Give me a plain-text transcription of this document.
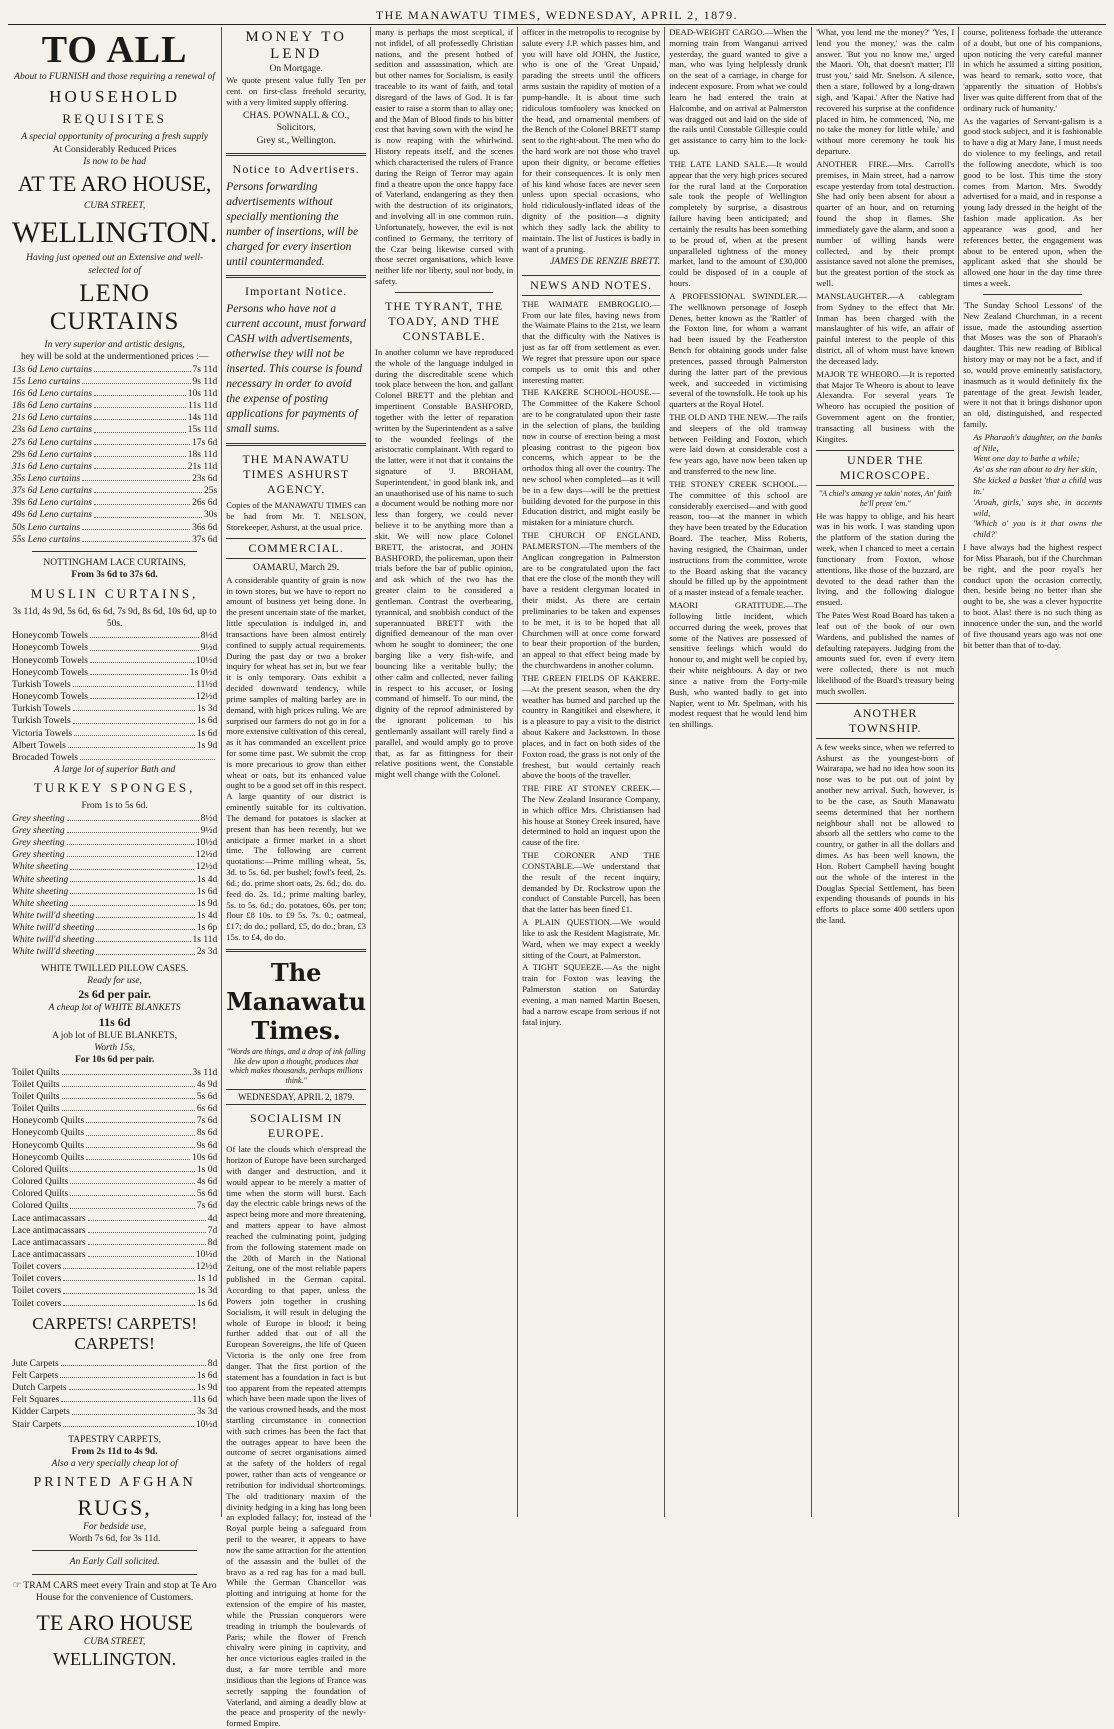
THE MANAWATU TIMES, WEDNESDAY, APRIL 2, 1879.
TO ALL
About to FURNISH and those requiring a renewal of
HOUSEHOLD
REQUISITES
A special opportunity of procuring a fresh supply
At Considerably Reduced Prices
Is now to be had
AT TE ARO HOUSE,
CUBA STREET,
WELLINGTON.
Having just opened out an Extensive and well-selected lot of
LENO CURTAINS
In very superior and artistic designs,
hey will be sold at the undermentioned prices :—
13s 6d Leno curtains	7s 11d
15s Leno curtains	9s 11d
16s 6d Leno curtains	10s 11d
18s 6d Leno curtains	11s 11d
21s 6d Leno curtains	14s 11d
23s 6d Leno curtains	15s 11d
27s 6d Leno curtains	17s 6d
29s 6d Leno curtains	18s 11d
31s 6d Leno curtains	21s 11d
35s Leno curtains	23s 6d
37s 6d Leno curtains	25s
39s 6d Leno curtains	26s 6d
49s 6d Leno curtains	30s
50s Leno curtains	36s 6d
55s Leno curtains	37s 6d
NOTTINGHAM LACE CURTAINS,
From 3s 6d to 37s 6d.
MUSLIN CURTAINS,
3s 11d, 4s 9d, 5s 6d, 6s 6d, 7s 9d, 8s 6d, 10s 6d, up to 50s.
Honeycomb Towels	8½d
Honeycomb Towels	9½d
Honeycomb Towels	10½d
Honeycomb Towels	1s 0½d
Turkish Towels	11½d
Honeycomb Towels	12½d
Turkish Towels	1s 3d
Turkish Towels	1s 6d
Victoria Towels	1s 6d
Albert Towels	1s 9d
Brocaded Towels
A large lot of superior Bath and
TURKEY SPONGES,
From 1s to 5s 6d.
Grey sheeting	8½d
Grey sheeting	9½d
Grey sheeting	10½d
Grey sheeting	12½d
White sheeting	12½d
White sheeting	1s 4d
White sheeting	1s 6d
White sheeting	1s 9d
White twill'd sheeting	1s 4d
White twill'd sheeting	1s 6p
White twill'd sheeting	1s 11d
White twill'd sheeting	2s 3d
WHITE TWILLED PILLOW CASES.
Ready for use,
2s 6d per pair.
A cheap lot of WHITE BLANKETS
11s 6d
A job lot of BLUE BLANKETS,
Worth 15s,
For 10s 6d per pair.
Toilet Quilts	3s 11d
Toilet Quilts	4s 9d
Toilet Quilts	5s 6d
Toilet Quilts	6s 6d
Honeycomb Quilts	7s 6d
Honeycomb Quilts	8s 6d
Honeycomb Quilts	9s 6d
Honeycomb Quilts	10s 6d
Colored Quilts	1s 0d
Colored Quilts	4s 6d
Colored Quilts	5s 6d
Colored Quilts	7s 6d
Lace antimacassars	4d
Lace antimacassars	7d
Lace antimacassars	8d
Lace antimacassars	10½d
Toilet covers	12½d
Toilet covers	1s 1d
Toilet covers	1s 3d
Toilet covers	1s 6d
CARPETS! CARPETS! CARPETS!
Jute Carpets	8d
Felt Carpets	1s 6d
Dutch Carpets	1s 9d
Felt Squares	11s 6d
Kidder Carpets	3s 3d
Stair Carpets	10½d
TAPESTRY CARPETS,
From 2s 11d to 4s 9d.
Also a very specially cheap lot of
PRINTED AFGHAN
RUGS,
For bedside use,
Worth 7s 6d, for 3s 11d.
An Early Call solicited.
☞ TRAM CARS meet every Train and stop at Te Aro House for the convenience of Customers.
TE ARO HOUSE
CUBA STREET,
WELLINGTON.
MONEY TO LEND
On Mortgage.

We quote present value fully Ten per cent. on first-class freehold security, with a very limited supply offering.

CHAS. POWNALL & CO.,
Solicitors,
Grey st., Wellington.
Notice to Advertisers.

Persons forwarding advertisements without specially mentioning the number of insertions, will be charged for every insertion until countermanded.

Important Notice.

Persons who have not a current account, must forward CASH with advertisements, otherwise they will not be inserted. This course is found necessary in order to avoid the expense of posting applications for payments of small sums.

THE MANAWATU TIMES ASHURST AGENCY.

Copies of the MANAWATU TIMES can be had from Mr. T. NELSON, Storekeeper, Ashurst, at the usual price.

COMMERCIAL.
OAMARU, March 29.

A considerable quantity of grain is now in town stores, but we have to report no amount of business yet being done. In the present uncertain state of the market, little speculation is indulged in, and transactions have been almost entirely confined to supply actual requirements. During the past day or two a broker inquiry for wheat has set in, but we fear it is only temporary. Oats exhibit a decided downward tendency, while prime samples of malting barley are in demand, with high prices ruling. We are surprised our farmers do not go in for a more extensive cultivation of this cereal, as it has commanded an excellent price for some time past. We submit the crop is more precarious to grow than either wheat or oats, but its enhanced value ought to be a good set off in this respect. A large quantity of our district is eminently suitable for its cultivation. The demand for potatoes is slacker at present than has been recently, but we anticipate a firmer market in a short time. The following are current quotations:—Prime milling wheat, 5s, 3d. to 5s. 6d. per bushel; fowl's feed, 2s. 6d.; do. prime short oats, 2s. 6d.; do. do. feed do. 2s. 1d.; prime malting barley, 5s. to 5s. 6d.; do. potatoes, 60s. per ton; flour £8 10s. to £9 5s. 7s. 0.; oatmeal, £17; do do.; pollard, £5, do do.; bran, £3 15s. to £4, do do.

The Manawatu Times.
"Words are things, and a drop of ink falling like dew upon a thought, produces that which makes thousands, perhaps millions think."
WEDNESDAY, APRIL 2, 1879.
SOCIALISM IN EUROPE.

Of late the clouds which o'erspread the horizon of Europe have been surcharged with danger and destruction, and it would appear to be merely a matter of time when the storm will burst. Each day the electric cable brings news of the aspect being more and more threatening, and matters appear to have almost reached the culminating point, judging from the following statement made on the 20th of March in the National Zeitung, one of the most reliable papers published in the German capital. According to that paper, unless the Powers join together in crushing Socialism, it will result in deluging the whole of Europe in blood; it being further added that out of all the European Sovereigns, the life of Queen Victoria is the only one free from danger. That the first portion of the statement has a foundation in fact is but too apparent from the repeated attempts which have been made upon the lives of the various crowned heads, and the most startling circumstance in connection with such crimes has been the fact that the outrages appear to have been the outcome of secret organisations aimed at the safety of the holders of regal power, rather than acts of vengeance or retribution for individual shortcomings. The old traditionary maxim of the divinity hedging in a king has long been an exploded fallacy; for, instead of the Royal purple being a safeguard from peril to the wearer, it appears to have now the same attraction for the attention of the assassin and the bullet of the bravo as a red rag has for a mad bull. While the German Chancellor was plotting and intriguing at home for the extension of the empire of his master, while the Prussian conquerors were treading in triumph the boulevards of Paris; while the flower of French chivalry were pining in captivity, and her once victorious eagles trailed in the dust, a far more terrible and more insidious than the legions of France was secretly sapping the foundation of Vaterland, and aiming a deadly blow at the peace and prosperity of the newly-formed Empire.

many is perhaps the most sceptical, if not infidel, of all professedly Christian nations, and the present hotbed of sedition and assassination, which are but other names for Socialism, is easily traceable to its want of faith, and total disregard of the laws of God. It is far easier to raise a storm than to allay one; and the Man of Blood finds to his bitter cost that having sown with the wind he is now reaping with the whirlwind. History repeats itself, and the scenes which characterised the rulers of France during the Reign of Terror may again find a theatre upon the once happy face of Vaterland, endangering as they then with the destruction of its originators, and involving all in one common ruin. Unfortunately, however, the evil is not confined to Germany, the territory of the Czar being likewise cursed with those secret organisations, which leave neither life nor liberty, soul nor body, in safety.

THE TYRANT, THE TOADY, AND THE CONSTABLE.

In another column we have reproduced the whole of the language indulged in during the discreditable scene which took place between the hon. and gallant Colonel BRETT and the plebian and impertinent Constable BASHFORD, together with the letter of reparation written by the Superintendent as a salve to the wounded feelings of the aristocratic complainant. With regard to the latter, were it not that it contains the signature of 'J. BROHAM, Superintendent,' in good blank ink, and an unauthorised use of his name to such a document would be nothing more nor less than forgery, we could never believe it to be anything more than a skit. We will now place Colonel BRETT, the aristocrat, and JOHN BASHFORD, the policeman, upon their trials before the bar of public opinion, and ask which of the two has the greater claim to be considered a gentleman. Contrast the overbearing, tyrannical, and snobbish conduct of the superannuated BRETT with the dignified demeanour of the man over whom he sought to domineer; the one barging like a very fish-wife, and bouncing like a veritable bully; the other calm and collected, never failing in respect to his accuser, or losing command of himself. To our mind, the dignity of the reproof administered by the ignorant policeman to his gentlemanly assailant will rarely find a parallel, and would amply go to prove that, as far as fittingness for their relative positions went, the Constable might well change with the Colonel.

officer in the metropolis to recognise by salute every J.P. which passes him, and you will have old JOHN, the Justice, who is one of the 'Great Unpaid,' parading the streets until the officers arms sustain the rapidity of motion of a pump-handle. It is about time such ridiculous tomfoolery was knocked on the head, and ornamental members of the Bench of the Colonel BRETT stamp sent to the right-about. The men who do the hard work are not those who travel upon their dignity, or become effeties for their consequences. It is only men of his kind whose faces are never seen unless upon special occasions, who hold ridiculously-inflated ideas of the dignity of the position—a dignity which they sadly lack the ability to maintain. The list of Justices is badly in want of a pruning.

JAMES DE RENZIE BRETT.
NEWS AND NOTES.

THE WAIMATE EMBROGLIO.—From our late files, having news from the Waimate Plains to the 21st, we learn that the difficulty with the Natives is just as far off from settlement as ever. We regret that pressure upon our space compels us to omit this and other interesting matter.

THE KAKERE SCHOOL-HOUSE.—The Committee of the Kakere School are to be congratulated upon their taste in the selection of plans, the building now in course of erection being a most pleasing contrast to the pigeon box concerns, which appear to be the orthodox thing all over the country. The new school when completed—as it will be in a few days—will be the prettiest building devoted for the purpose in this Education district, and might easily be mistaken for a miniature church.

THE CHURCH OF ENGLAND, PALMERSTON.—The members of the Anglican congregation in Palmerston are to be congratulated upon the fact that ere the close of the month they will have a resident clergyman located in their midst. As there are certain preliminaries to be taken and expenses to be met, it is to be hoped that all Churchmen will at once come forward to bear their proportion of the burden, an appeal to that effect being made by the churchwardens in another column.

THE GREEN FIELDS OF KAKERE.—At the present season, when the dry weather has burned and parched up the country in Rangitikei and elsewhere, it is a pleasure to pay a visit to the district about Kakere and Jacksttown. In those places, and in fact on both sides of the Foxton road, the grass is not only of the freshest, but would certainly reach above the boots of the traveller.

THE FIRE AT STONEY CREEK.—The New Zealand Insurance Company, in which office Mrs. Christiansen had his house at Stoney Creek insured, have determined to hold an inquest upon the cause of the fire.

THE CORONER AND THE CONSTABLE.—We understand that the result of the recent inquiry, demanded by Dr. Rockstrow upon the conduct of Constable Purcell, has been that the latter has been fined £1.

A PLAIN QUESTION.—We would like to ask the Resident Magistrate, Mr. Ward, when we may expect a weekly sitting of the Court, at Palmerston.

A TIGHT SQUEEZE.—As the night train for Foxton was leaving the Palmerston station on Saturday evening, a man named Martin Boesen, had a narrow escape from serious if not fatal injury.

DEAD-WEIGHT CARGO.—When the morning train from Wanganui arrived yesterday, the guard wanted to give a man, who was lying helplessly drunk on the seat of a carriage, in charge for indecent exposure. From what we could learn he had entered the train at Halcombe, and on arrival at Palmerston was dragged out and laid on the side of the rails until Constable Gillespie could get assistance to carry him to the lock-up.

THE LATE LAND SALE.—It would appear that the very high prices secured for the rural land at the Corporation sale took the people of Wellington completely by surprise, a disastrous failure having been anticipated; and certainly the results has been something to be proud of, when at the present unparalleled tightness of the money market, land to the amount of £30,000 could be disposed of in a couple of hours.

A PROFESSIONAL SWINDLER.—The wellknown personage of Joseph Denes, better known as the 'Rattler' of the Foxton line, for whom a warrant had been issued by the Featherston Bench for obtaining goods under false pretences, passed through Palmerston during the latter part of the previous week, and succeeded in victimising several of the townsfolk. He took up his quarters at the Royal Hotel.

THE OLD AND THE NEW.—The rails and sleepers of the old tramway between Feilding and Foxton, which were laid down at considerable cost a few years ago, have now been taken up and transferred to the new line.

THE STONEY CREEK SCHOOL.—The committee of this school are considerably exercised—and with good reason, too—at the manner in which they have been treated by the Education Board. The teacher, Miss Roberts, having resigned, the Chairman, under instructions from the committee, wrote to the Board asking that the vacancy should be filled up by the appointment of a master instead of a female teacher.

MAORI GRATITUDE.—The following little incident, which occurred during the week, proves that some of the Natives are possessed of sensitive feelings which would do honour to, and might well be copied by, their white neighbours. A day or two since a native from the Forty-mile Bush, who wanted badly to get into Napier, went to Mr. Spelman, with his modest request that he would lend him ten shillings.

'What, you lend me the money?' 'Yes, I lend you the money,' was the calm answer. 'But you no know me,' urged the Maori. 'Oh, that doesn't matter; I'll trust you,' said Mr. Snelson. A silence, then a stare, followed by a long-drawn sigh, and 'Kapai.' After the Native had recovered his surprise at the confidence placed in him, he commenced, 'No, me no take the money for little while,' and without more ceremony he took his departure.

ANOTHER FIRE.—Mrs. Carroll's premises, in Main street, had a narrow escape yesterday from total destruction. She had only been absent for about a quarter of an hour, and on returning found the shop in flames. She immediately gave the alarm, and soon a number of willing hands were collected, and by their prompt assistance saved not alone the premises, but the greatest portion of the stock as well.

MANSLAUGHTER.—A cablegram from Sydney to the effect that Mr. Inman has been charged with the manslaughter of his wife, an affair of painful interest to the people of this district, all of whom must have known the deceased lady.

MAJOR TE WHEORO.—It is reported that Major Te Wheoro is about to leave Alexandra. For several years Te Wheoro has occupied the position of Government agent on the frontier, transacting all business with the Kingites.

UNDER THE MICROSCOPE.
"A chiel's amang ye takin' notes, An' faith he'll prent 'em."

He was happy to oblige, and his heart was in his work. I was standing upon the platform of the station during the week, when I chanced to meet a certain functionary from Foxton, whose attentions, like those of the buzzard, are devoted to the dead rather than the living, and the following dialogue ensued.

The Pates West Road Board has taken a leaf out of the book of our own Wardens, and published the names of defaulting ratepayers. Judging from the amounts sued for, even if every item were collected, there is not much likelihood of the Board's treasury being much swollen.

ANOTHER TOWNSHIP.

A few weeks since, when we referred to Ashurst as the youngest-born of Wairarapa, we had no idea how soon its nose was to be put out of joint by another new arrival. Such, however, is to be the case, as South Manawatu seems determined that her northern neighbour shall not be allowed to absorb all the settlers who come to the country, or gather in all the dollars and dimes. As has been well known, the Hon. Robert Campbell having bought out the whole of the interest in the Douglas Special Settlement, has been expending thousands of pounds in his efforts to place some 400 settlers upon the land.

course, politeness forbade the utterance of a doubt, but one of his companions, upon noticing the very careful manner in which he assumed a sitting position, was heard to remark, sotto voce, that 'apparently the situation of Hobbs's liver was quite different from that of the ordinary ruck of humanity.'

As the vagaries of Servant-galism is a good stock subject, and it is fashionable to have a dig at Mary Jane, I must needs do violence to my feelings, and retail the following anecdote, which is too good to be lost. This time the story comes from Marton. Mrs. Swoddy advertised for a maid, and in response a young lady dressed in the height of the fashion made application. As her appearance was good, and her references better, the engagement was about to be entered upon, when the applicant asked that she should be allowed one hour in the day time three times a week.

'The Sunday School Lessons' of the New Zealand Churchman, in a recent issue, made the astounding assertion that Moses was the son of Pharaoh's daughter. This new reading of Biblical history may or may not be a fact, and if so, would prove eminently satisfactory, inasmuch as it would definitely fix the parentage of the great Jewish leader, were it not that it brings dishonor upon an old, distinguished, and respected family.

As Pharaoh's daughter, on the banks of Nile,

Went one day to bathe a while;

As' as she ran about to dry her skin,

She kicked a basket 'that a child was in.'

'Aroah, girls,' says she, in accents wild,

'Which o' you is it that owns the child?'

I have always had the highest respect for Miss Pharaoh, but if the Churchman be right, and the poor royal's her conduct upon the occasion correctly, then, beside being no better than she ought to be, she was a clever hypocrite to boot. Alas! there is no such thing as innocence under the sun, and the world of five thousand years ago was not one bit better than that of to-day.
